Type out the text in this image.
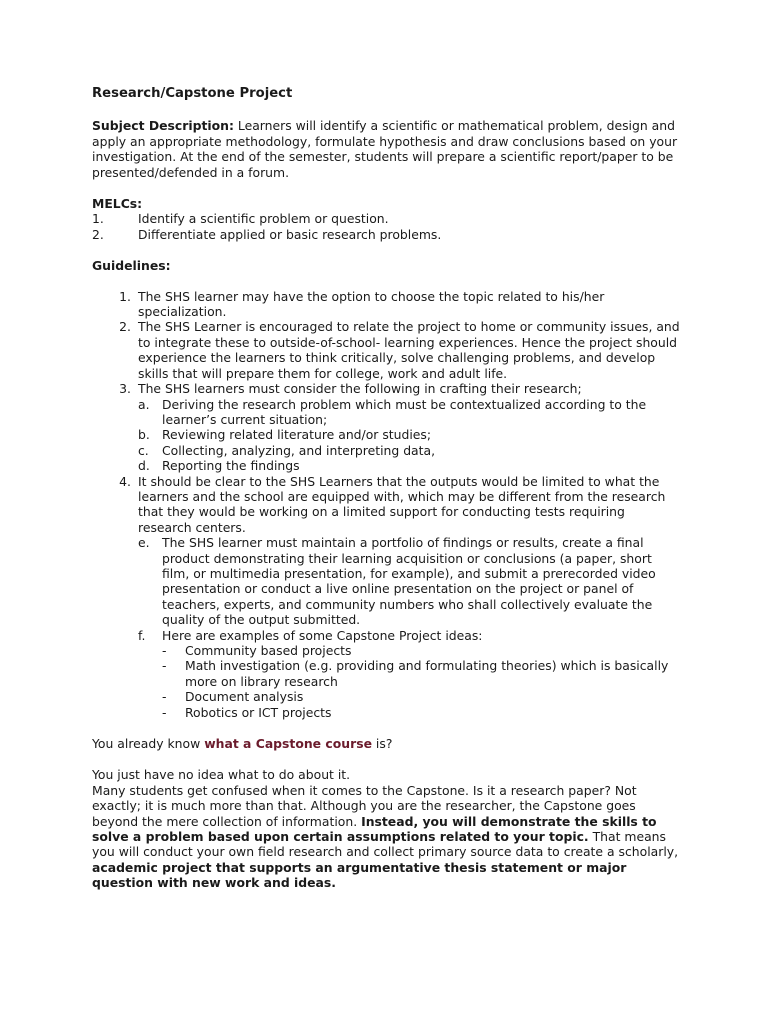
Research/Capstone Project

Subject Description: Learners will identify a scientific or mathematical problem, design and apply an appropriate methodology, formulate hypothesis and draw conclusions based on your investigation. At the end of the semester, students will prepare a scientific report/paper to be presented/defended in a forum.

MELCs:
1.	Identify a scientific problem or question.
2.	Differentiate applied or basic research problems.
Guidelines:
1. The SHS learner may have the option to choose the topic related to his/her specialization.
2. The SHS Learner is encouraged to relate the project to home or community issues, and to integrate these to outside-of-school- learning experiences. Hence the project should experience the learners to think critically, solve challenging problems, and develop skills that will prepare them for college, work and adult life.
3. The SHS learners must consider the following in crafting their research;
a.	Deriving the research problem which must be contextualized according to the learner’s current situation;
b. Reviewing related literature and/or studies;
c.	Collecting, analyzing, and interpreting data,
d. Reporting the findings
4. It should be clear to the SHS Learners that the outputs would be limited to what the learners and the school are equipped with, which may be different from the research that they would be working on a limited support for conducting tests requiring research centers.
e.	The SHS learner must maintain a portfolio of findings or results, create a final product demonstrating their learning acquisition or conclusions (a paper, short film, or multimedia presentation, for example), and submit a prerecorded video presentation or conduct a live online presentation on the project or panel of teachers, experts, and community numbers who shall collectively evaluate the quality of the output submitted.
f.	Here are examples of some Capstone Project ideas:
-	Community based projects
-	Math investigation (e.g. providing and formulating theories) which is basically more on library research
-	Document analysis
-	Robotics or ICT projects

You already know what a Capstone course is?

You just have no idea what to do about it.

Many students get confused when it comes to the Capstone. Is it a research paper? Not exactly; it is much more than that. Although you are the researcher, the Capstone goes beyond the mere collection of information. Instead, you will demonstrate the skills to solve a problem based upon certain assumptions related to your topic. That means you will conduct your own field research and collect primary source data to create a scholarly, academic project that supports an argumentative thesis statement or major question with new work and ideas.
